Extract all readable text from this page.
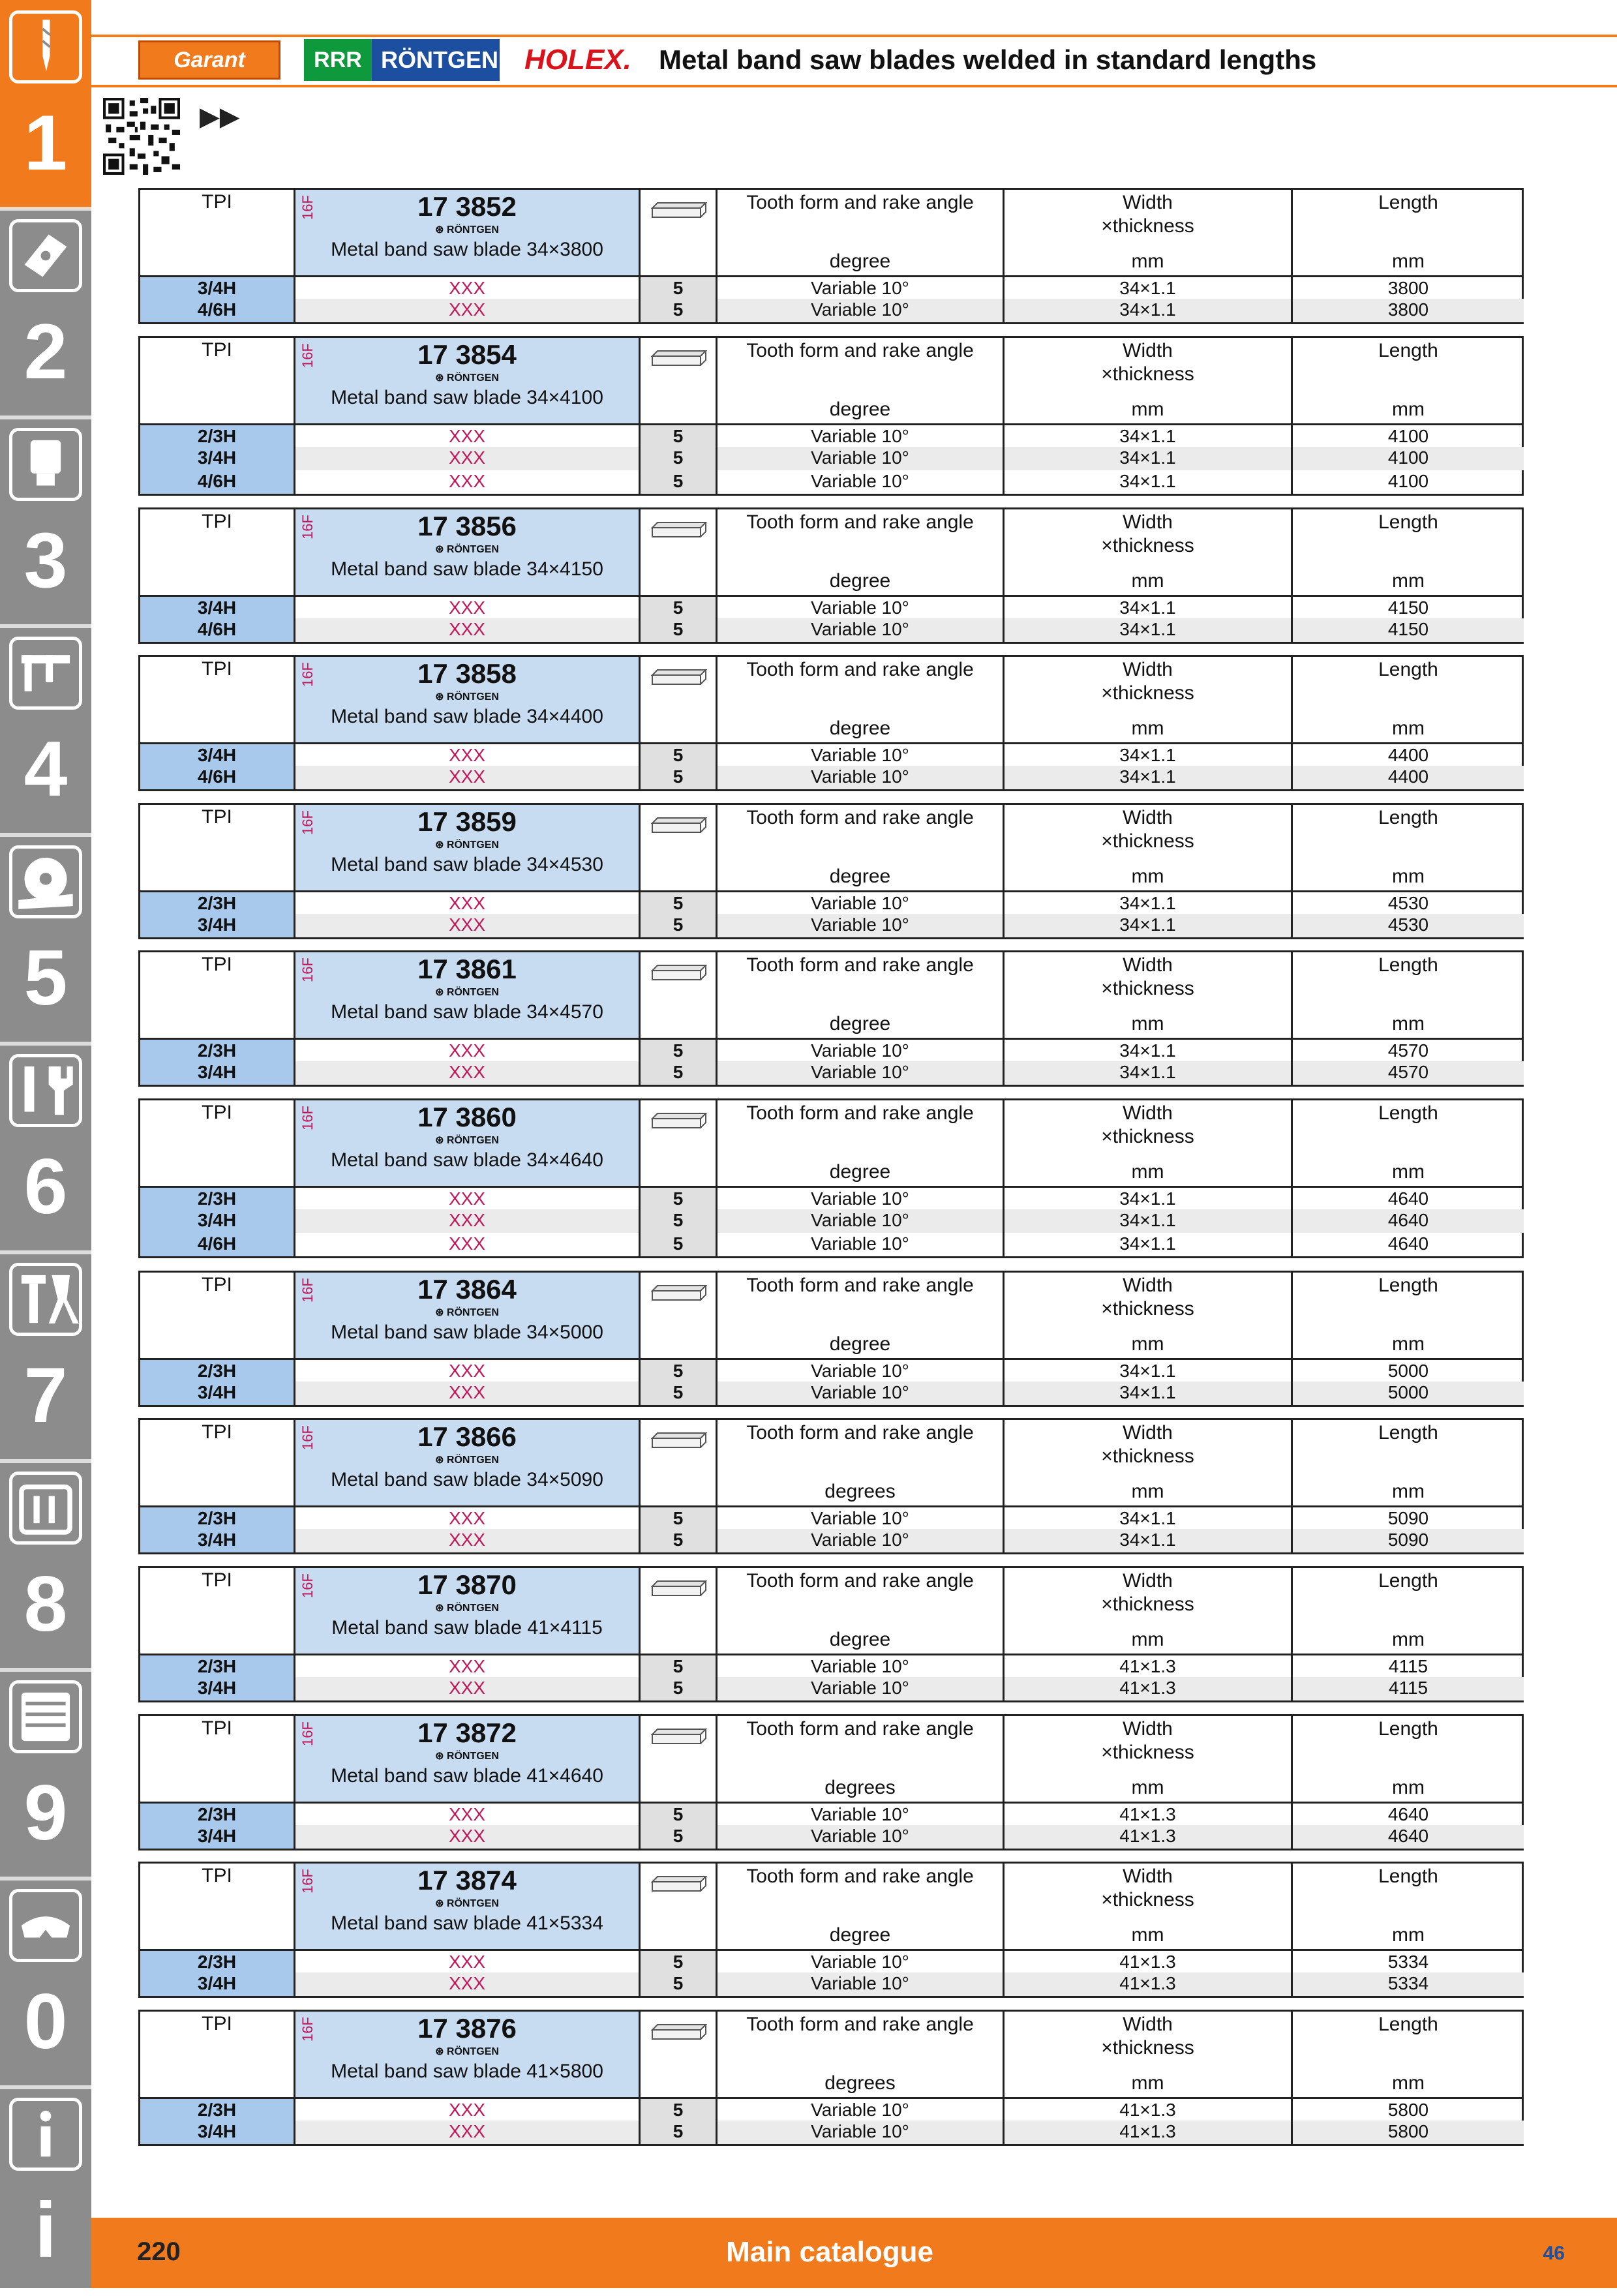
1
2
3
4
5
6
7
8
9
0
i
Garant	RRR RÖNTGEN HOLEX. Metal band saw blades welded in standard lengths
▶▶
TPI	16F	17 3852
⊛ RÖNTGEN
Metal band saw blade 34×3800
Tooth form and rake angle
degree
Width
×thickness
mm
Length
mm
3/4H	XXX	5	Variable 10°	34×1.1	3800
4/6H	XXX	5	Variable 10°	34×1.1	3800
TPI	16F	17 3854
⊛ RÖNTGEN
Metal band saw blade 34×4100
Tooth form and rake angle
degree
Width
×thickness
mm
Length
mm
2/3H	XXX	5	Variable 10°	34×1.1	4100
3/4H	XXX	5	Variable 10°	34×1.1	4100
4/6H	XXX	5	Variable 10°	34×1.1	4100
TPI	16F	17 3856
⊛ RÖNTGEN
Metal band saw blade 34×4150
Tooth form and rake angle
degree
Width
×thickness
mm
Length
mm
3/4H	XXX	5	Variable 10°	34×1.1	4150
4/6H	XXX	5	Variable 10°	34×1.1	4150
TPI	16F	17 3858
⊛ RÖNTGEN
Metal band saw blade 34×4400
Tooth form and rake angle
degree
Width
×thickness
mm
Length
mm
3/4H	XXX	5	Variable 10°	34×1.1	4400
4/6H	XXX	5	Variable 10°	34×1.1	4400
TPI	16F	17 3859
⊛ RÖNTGEN
Metal band saw blade 34×4530
Tooth form and rake angle
degree
Width
×thickness
mm
Length
mm
2/3H	XXX	5	Variable 10°	34×1.1	4530
3/4H	XXX	5	Variable 10°	34×1.1	4530
TPI	16F	17 3861
⊛ RÖNTGEN
Metal band saw blade 34×4570
Tooth form and rake angle
degree
Width
×thickness
mm
Length
mm
2/3H	XXX	5	Variable 10°	34×1.1	4570
3/4H	XXX	5	Variable 10°	34×1.1	4570
TPI	16F	17 3860
⊛ RÖNTGEN
Metal band saw blade 34×4640
Tooth form and rake angle
degree
Width
×thickness
mm
Length
mm
2/3H	XXX	5	Variable 10°	34×1.1	4640
3/4H	XXX	5	Variable 10°	34×1.1	4640
4/6H	XXX	5	Variable 10°	34×1.1	4640
TPI	16F	17 3864
⊛ RÖNTGEN
Metal band saw blade 34×5000
Tooth form and rake angle
degree
Width
×thickness
mm
Length
mm
2/3H	XXX	5	Variable 10°	34×1.1	5000
3/4H	XXX	5	Variable 10°	34×1.1	5000
TPI	16F	17 3866
⊛ RÖNTGEN
Metal band saw blade 34×5090
Tooth form and rake angle
degrees
Width
×thickness
mm
Length
mm
2/3H	XXX	5	Variable 10°	34×1.1	5090
3/4H	XXX	5	Variable 10°	34×1.1	5090
TPI	16F	17 3870
⊛ RÖNTGEN
Metal band saw blade 41×4115
Tooth form and rake angle
degree
Width
×thickness
mm
Length
mm
2/3H	XXX	5	Variable 10°	41×1.3	4115
3/4H	XXX	5	Variable 10°	41×1.3	4115
TPI	16F	17 3872
⊛ RÖNTGEN
Metal band saw blade 41×4640
Tooth form and rake angle
degrees
Width
×thickness
mm
Length
mm
2/3H	XXX	5	Variable 10°	41×1.3	4640
3/4H	XXX	5	Variable 10°	41×1.3	4640
TPI	16F	17 3874
⊛ RÖNTGEN
Metal band saw blade 41×5334
Tooth form and rake angle
degree
Width
×thickness
mm
Length
mm
2/3H	XXX	5	Variable 10°	41×1.3	5334
3/4H	XXX	5	Variable 10°	41×1.3	5334
TPI	16F	17 3876
⊛ RÖNTGEN
Metal band saw blade 41×5800
Tooth form and rake angle
degrees
Width
×thickness
mm
Length
mm
2/3H	XXX	5	Variable 10°	41×1.3	5800
3/4H	XXX	5	Variable 10°	41×1.3	5800
220	Main catalogue	46
